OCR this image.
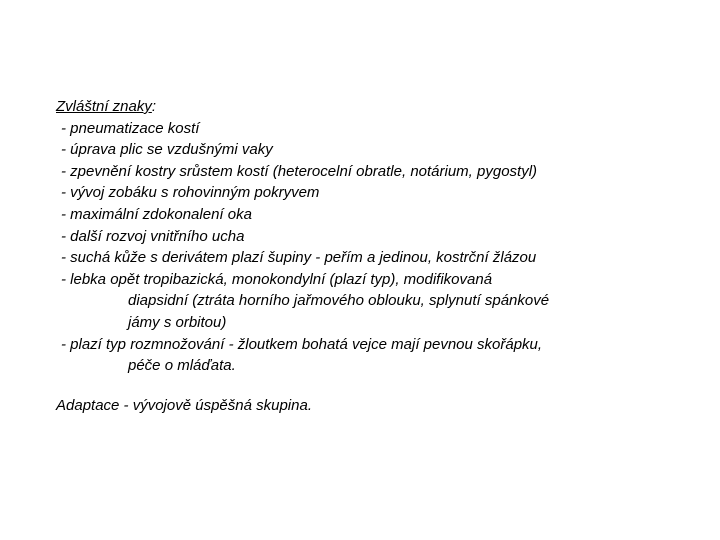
Zvláštní znaky:

- pneumatizace kostí
- úprava plic se vzdušnými vaky
- zpevnění kostry srůstem kostí (heterocelní obratle, notárium, pygostyl)
- vývoj zobáku s rohovinným pokryvem
- maximální zdokonalení oka
- další rozvoj vnitřního ucha
- suchá kůže s derivátem plazí šupiny - peřím a jedinou, kostrční žlázou
- lebka opět tropibazická, monokondylní (plazí typ), modifikovaná
diapsidní (ztráta horního jařmového oblouku, splynutí spánkové
jámy s orbitou)
- plazí typ rozmnožování - žloutkem bohatá vejce mají pevnou skořápku,
péče o mláďata.

Adaptace - vývojově úspěšná skupina.
